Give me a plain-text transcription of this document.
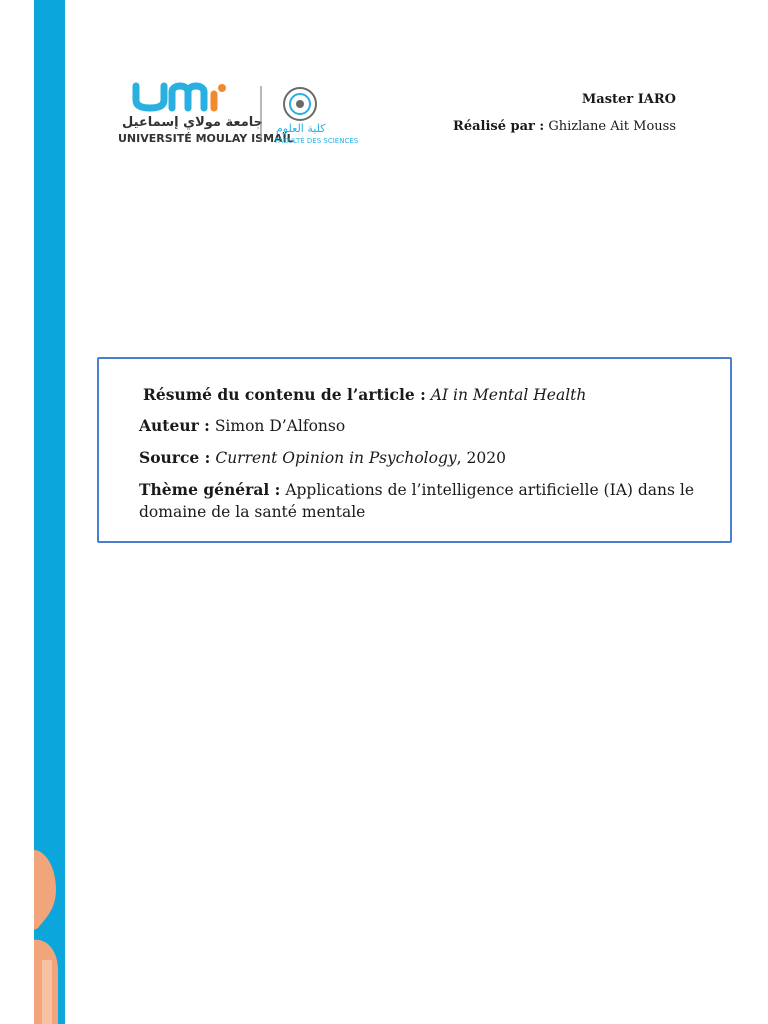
جامعة مولاي إسماعيل
UNIVERSITÉ MOULAY ISMAÏL
كلية العلوم
FACULTÉ DES SCIENCES
Master IARO
Réalisé par : Ghizlane Ait Mouss
Résumé du contenu de l’article : AI in Mental Health
Auteur : Simon D’Alfonso
Source : Current Opinion in Psychology, 2020
Thème général : Applications de l’intelligence artificielle (IA) dans le
domaine de la santé mentale
